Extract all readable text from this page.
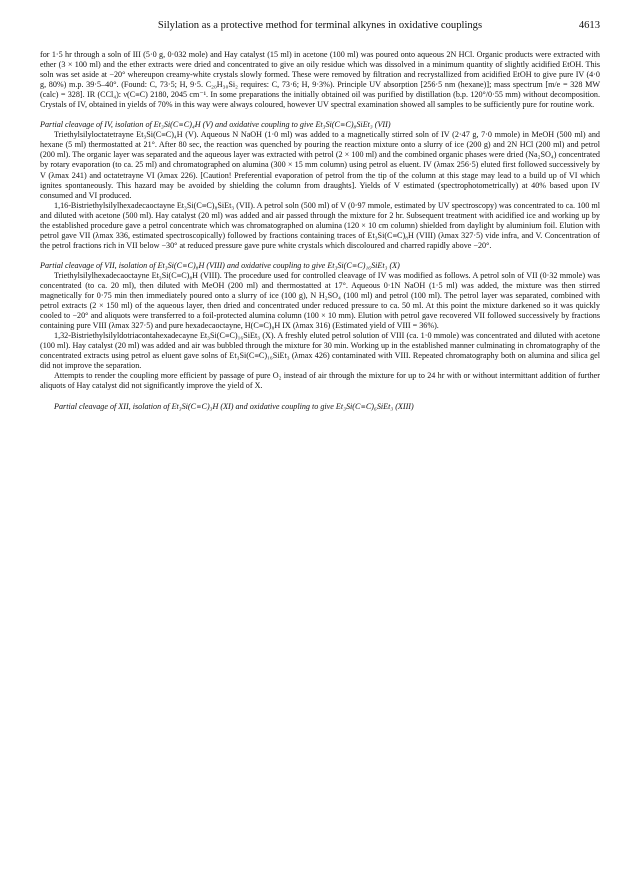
Silylation as a protective method for terminal alkynes in oxidative couplings	4613

for 1·5 hr through a soln of III (5·0 g, 0·032 mole) and Hay catalyst (15 ml) in acetone (100 ml) was poured onto aqueous 2N HCl. Organic products were extracted with ether (3 × 100 ml) and the ether extracts were dried and concentrated to give an oily residue which was dissolved in a minimum quantity of slightly acidified EtOH. This soln was set aside at −20° whereupon creamy-white crystals slowly formed. These were removed by filtration and recrystallized from acidified EtOH to give pure IV (4·0 g, 80%) m.p. 39·5–40°. (Found: C, 73·5; H, 9·5. C₂₀H₃₀Si₂ requires: C, 73·6; H, 9·3%). Principle UV absorption [256·5 nm (hexane)]; mass spectrum [m/e = 328 MW (calc) = 328]. IR (CCl₄): ν(C≡C) 2180, 2045 cm⁻¹. In some preparations the initially obtained oil was purified by distillation (b.p. 120°/0·55 mm) without decomposition. Crystals of IV, obtained in yields of 70% in this way were always coloured, however UV spectral examination showed all samples to be sufficiently pure for routine work.

Partial cleavage of IV, isolation of Et₃Si(C≡C)₄H (V) and oxidative coupling to give Et₃Si(C≡C)₈SiEt₃ (VII)

Triethylsilyloctatetrayne Et₃Si(C≡C)₄H (V). Aqueous N NaOH (1·0 ml) was added to a magnetically stirred soln of IV (2·47 g, 7·0 mmole) in MeOH (500 ml) and hexane (5 ml) thermostatted at 21°. After 80 sec, the reaction was quenched by pouring the reaction mixture onto a slurry of ice (200 g) and 2N HCl (200 ml) and petrol (200 ml). The organic layer was separated and the aqueous layer was extracted with petrol (2 × 100 ml) and the combined organic phases were dried (Na₂SO₄) concentrated by rotary evaporation (to ca. 25 ml) and chromatographed on alumina (300 × 15 mm column) using petrol as eluent. IV (λmax 256·5) eluted first followed successively by V (λmax 241) and octatetrayne VI (λmax 226). [Caution! Preferential evaporation of petrol from the tip of the column at this stage may lead to a build up of VI which ignites spontaneously. This hazard may be avoided by shielding the column from draughts]. Yields of V estimated (spectrophotometrically) at 40% based upon IV consumed and VI produced.

1,16-Bistriethylsilylhexadecaoctayne Et₃Si(C≡C)₈SiEt₃ (VII). A petrol soln (500 ml) of V (0·97 mmole, estimated by UV spectroscopy) was concentrated to ca. 100 ml and diluted with acetone (500 ml). Hay catalyst (20 ml) was added and air passed through the mixture for 2 hr. Subsequent treatment with acidified ice and working up by the established procedure gave a petrol concentrate which was chromatographed on alumina (120 × 10 cm column) shielded from daylight by aluminium foil. Elution with petrol gave VII (λmax 336, estimated spectroscopically) followed by fractions containing traces of Et₃Si(C≡C)₈H (VIII) (λmax 327·5) vide infra, and V. Concentration of the petrol fractions rich in VII below −30° at reduced pressure gave pure white crystals which discoloured and charred rapidly above −20°.

Partial cleavage of VII, isolation of Et₃Si(C≡C)₈H (VIII) and oxidative coupling to give Et₃Si(C≡C)₁₆SiEt₃ (X)

Triethylsilylhexadecaoctayne Et₃Si(C≡C)₈H (VIII). The procedure used for controlled cleavage of IV was modified as follows. A petrol soln of VII (0·32 mmole) was concentrated (to ca. 20 ml), then diluted with MeOH (200 ml) and thermostatted at 17°. Aqueous 0·1N NaOH (1·5 ml) was added, the mixture was then stirred magnetically for 0·75 min then immediately poured onto a slurry of ice (100 g), N H₂SO₄ (100 ml) and petrol (100 ml). The petrol layer was separated, combined with petrol extracts (2 × 150 ml) of the aqueous layer, then dried and concentrated under reduced pressure to ca. 50 ml. At this point the mixture darkened so it was quickly cooled to −20° and aliquots were transferred to a foil-protected alumina column (100 × 10 mm). Elution with petrol gave recovered VII followed successively by fractions containing pure VIII (λmax 327·5) and pure hexadecaoctayne, H(C≡C)₈H IX (λmax 316) (Estimated yield of VIII = 36%).

1,32-Bistriethylsilyldotriacontahexadecayne Et₃Si(C≡C)₁₆SiEt₃ (X). A freshly eluted petrol solution of VIII (ca. 1·0 mmole) was concentrated and diluted with acetone (100 ml). Hay catalyst (20 ml) was added and air was bubbled through the mixture for 30 min. Working up in the established manner culminating in chromatography of the concentrated extracts using petrol as eluent gave solns of Et₃Si(C≡C)₁₆SiEt₃ (λmax 426) contaminated with VIII. Repeated chromatography both on alumina and silica gel did not improve the separation.

Attempts to render the coupling more efficient by passage of pure O₂ instead of air through the mixture for up to 24 hr with or without intermittant addition of further aliquots of Hay catalyst did not significantly improve the yield of X.

Partial cleavage of XII, isolation of Et₃Si(C≡C)₃H (XI) and oxidative coupling to give Et₃Si(C≡C)₆SiEt₃ (XIII)
